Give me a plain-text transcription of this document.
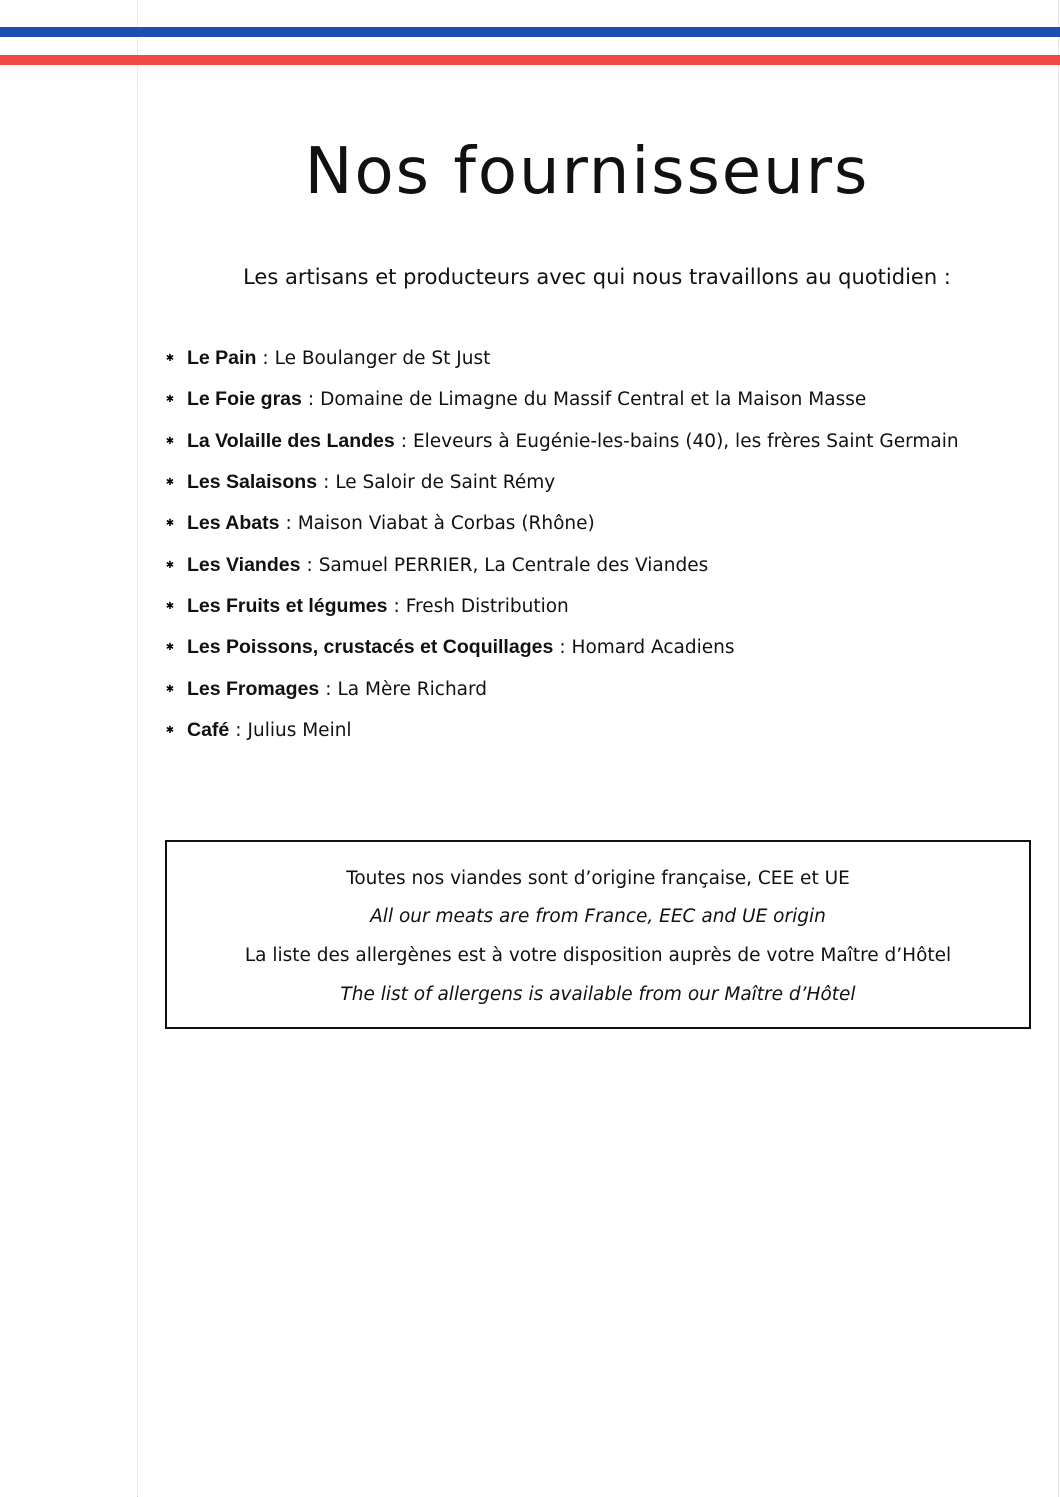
Nos fournisseurs

Les artisans et producteurs avec qui nous travaillons au quotidien :

✱ Le Pain : Le Boulanger de St Just
✱ Le Foie gras : Domaine de Limagne du Massif Central et la Maison Masse
✱ La Volaille des Landes : Eleveurs à Eugénie-les-bains (40), les frères Saint Germain
✱ Les Salaisons : Le Saloir de Saint Rémy
✱ Les Abats : Maison Viabat à Corbas (Rhône)
✱ Les Viandes : Samuel PERRIER, La Centrale des Viandes
✱ Les Fruits et légumes : Fresh Distribution
✱ Les Poissons, crustacés et Coquillages : Homard Acadiens
✱ Les Fromages : La Mère Richard
✱ Café : Julius Meinl

Toutes nos viandes sont d’origine française, CEE et UE

All our meats are from France, EEC and UE origin

La liste des allergènes est à votre disposition auprès de votre Maître d’Hôtel

The list of allergens is available from our Maître d’Hôtel
